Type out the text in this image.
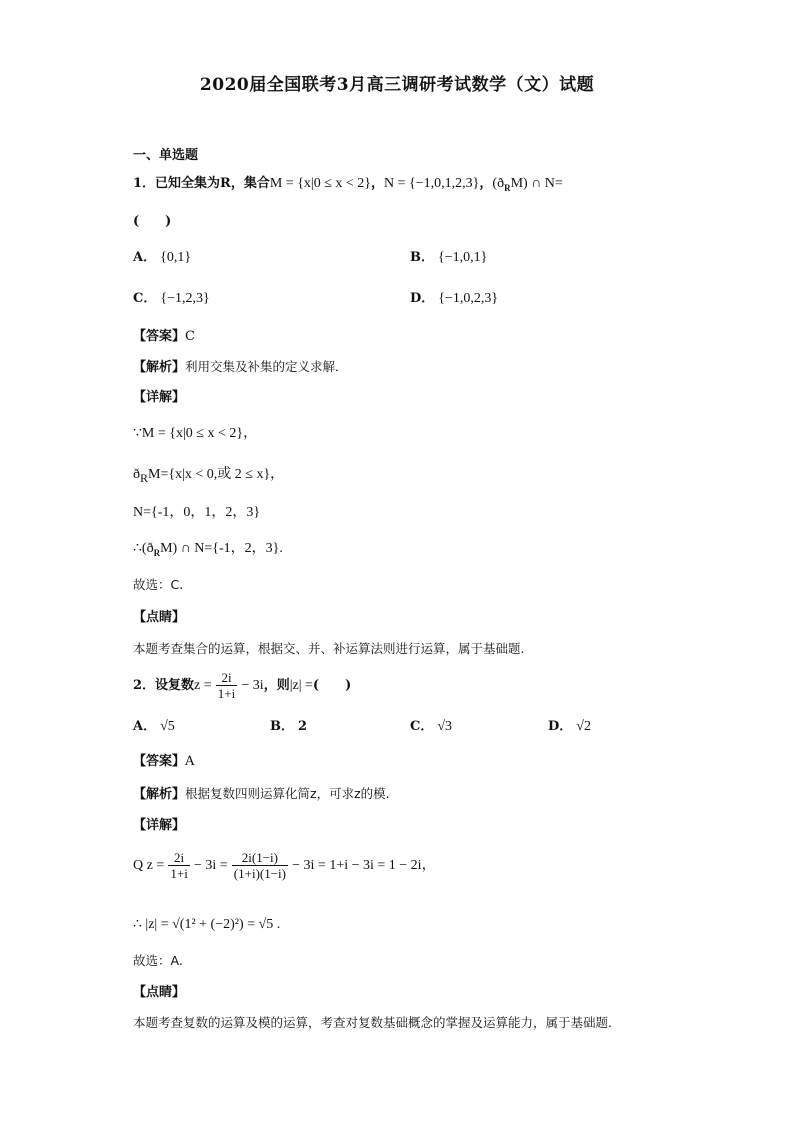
2020届全国联考3月高三调研考试数学（文）试题
一、单选题
1．已知全集为R，集合M = {x|0 ≤ x < 2}，N = {−1,0,1,2,3}，$(ð_RM)$ ∩ N=
(　　)
A． {0,1}	B． {−1,0,1}
C． {−1,2,3}	D． {−1,0,2,3}
【答案】C
【解析】利用交集及补集的定义求解．
【详解】
∵M = {x|0 ≤ x < 2}，
$ð_RM=\{x|x < 0$,或 2 ≤ x}，
N={-1，0，1，2，3}
$\therefore(ð_RM)$ ∩ N={-1，2，3}.
故选：C.
【点睛】
本题考查集合的运算，根据交、并、补运算法则进行运算，属于基础题.
2．设复数$z = \frac{2i}{1+i} - 3i$，则|z| =(　　)
A． √5	B． 2	C． √3	D． √2
【答案】A
【解析】根据复数四则运算化简z，可求z的模.
【详解】
Q $z = \frac{2i}{1+i} - 3i = \frac{2i(1-i)}{(1+i)(1-i)} - 3i = 1+i - 3i = 1 - 2i$，
∴ |z| = √(1² + (−2)²) = √5 .
故选：A.
【点睛】
本题考查复数的运算及模的运算，考查对复数基础概念的掌握及运算能力，属于基础题.
